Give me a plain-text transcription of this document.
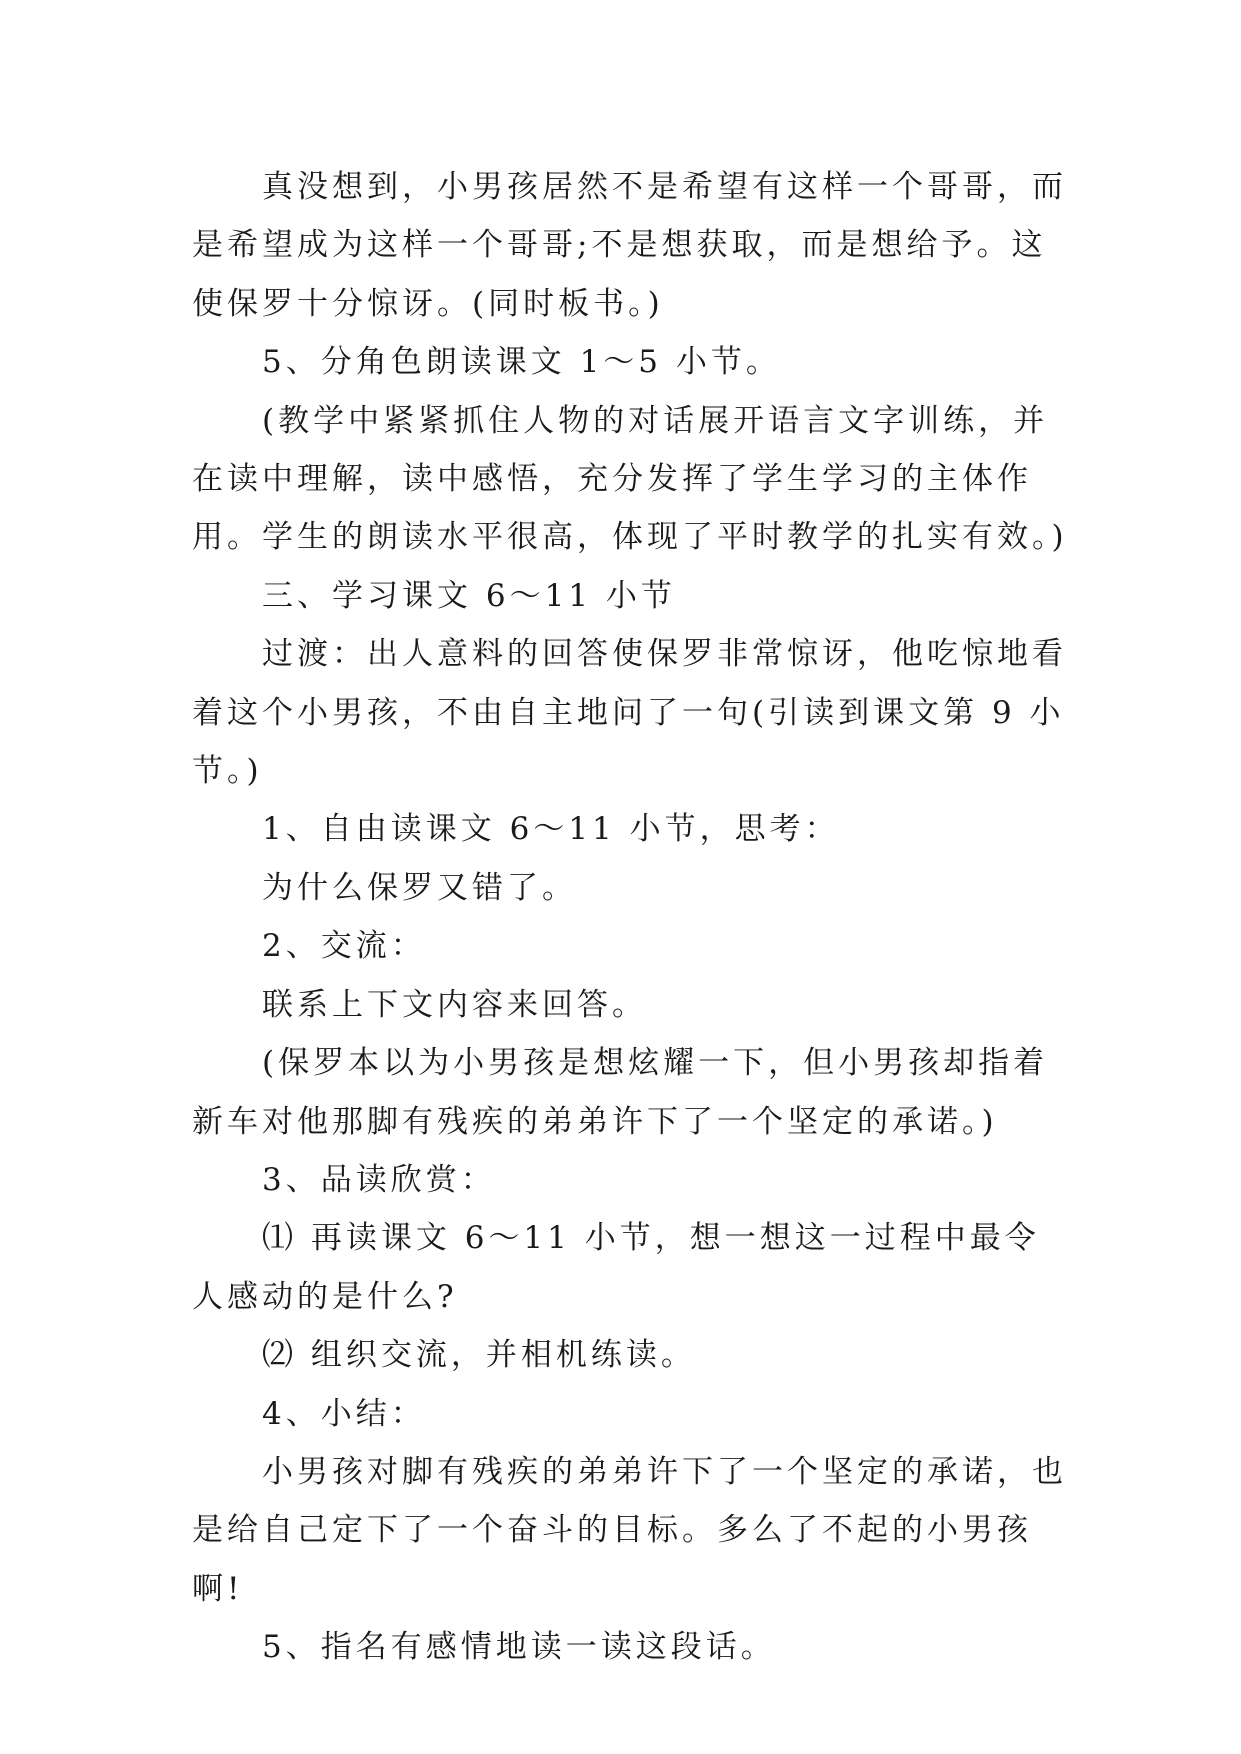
真没想到，小男孩居然不是希望有这样一个哥哥，而是希望成为这样一个哥哥;不是想获取，而是想给予。这使保罗十分惊讶。(同时板书。)

5、分角色朗读课文 1～5 小节。

(教学中紧紧抓住人物的对话展开语言文字训练，并在读中理解，读中感悟，充分发挥了学生学习的主体作用。学生的朗读水平很高，体现了平时教学的扎实有效。)

三、学习课文 6～11 小节

过渡：出人意料的回答使保罗非常惊讶，他吃惊地看着这个小男孩，不由自主地问了一句(引读到课文第 9 小节。)

1、自由读课文 6～11 小节，思考：

为什么保罗又错了。

2、交流：

联系上下文内容来回答。

(保罗本以为小男孩是想炫耀一下，但小男孩却指着新车对他那脚有残疾的弟弟许下了一个坚定的承诺。)

3、品读欣赏：

⑴ 再读课文 6～11 小节，想一想这一过程中最令人感动的是什么?

⑵ 组织交流，并相机练读。

4、小结：

小男孩对脚有残疾的弟弟许下了一个坚定的承诺，也是给自己定下了一个奋斗的目标。多么了不起的小男孩啊!

5、指名有感情地读一读这段话。
